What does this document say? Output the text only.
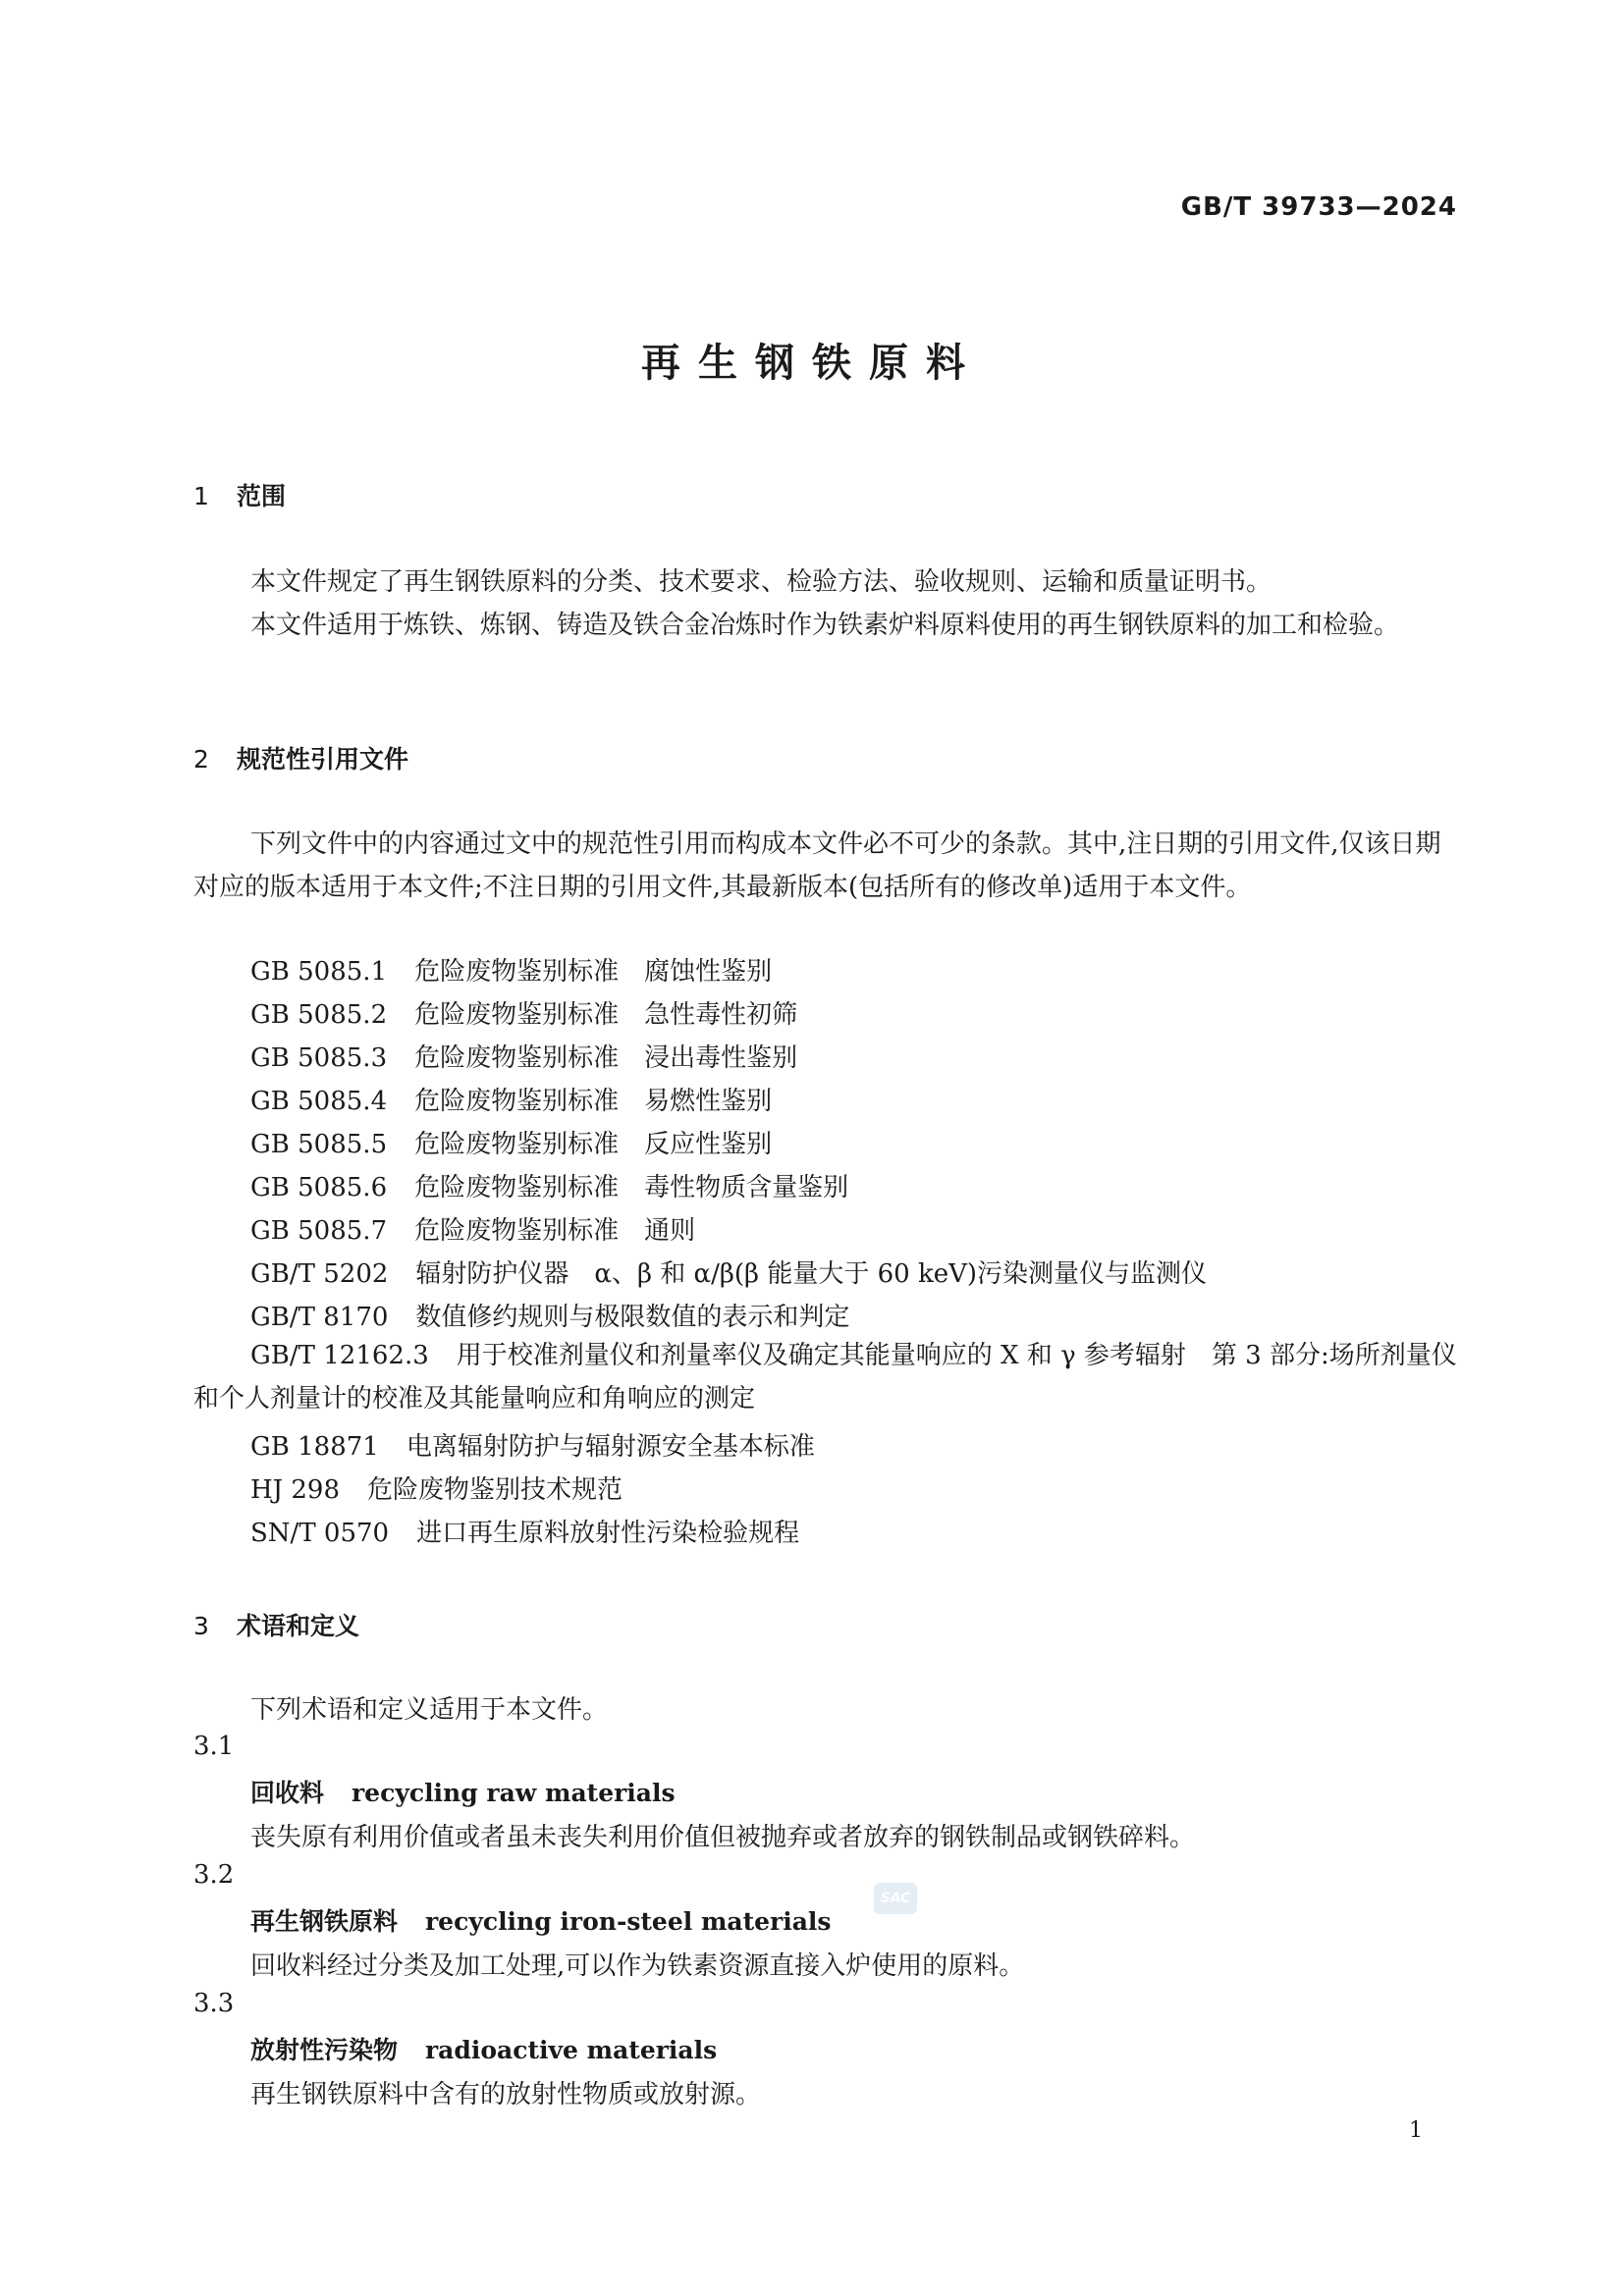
GB/T 39733—2024
再生钢铁原料
1 范围
本文件规定了再生钢铁原料的分类、技术要求、检验方法、验收规则、运输和质量证明书。
本文件适用于炼铁、炼钢、铸造及铁合金冶炼时作为铁素炉料原料使用的再生钢铁原料的加工和检验。
2 规范性引用文件
下列文件中的内容通过文中的规范性引用而构成本文件必不可少的条款。其中,注日期的引用文件,仅该日期对应的版本适用于本文件;不注日期的引用文件,其最新版本(包括所有的修改单)适用于本文件。
GB 5085.1 危险废物鉴别标准　腐蚀性鉴别
GB 5085.2 危险废物鉴别标准　急性毒性初筛
GB 5085.3 危险废物鉴别标准　浸出毒性鉴别
GB 5085.4 危险废物鉴别标准　易燃性鉴别
GB 5085.5 危险废物鉴别标准　反应性鉴别
GB 5085.6 危险废物鉴别标准　毒性物质含量鉴别
GB 5085.7 危险废物鉴别标准　通则
GB/T 5202 辐射防护仪器　α、β 和 α/β(β 能量大于 60 keV)污染测量仪与监测仪
GB/T 8170 数值修约规则与极限数值的表示和判定
GB/T 12162.3 用于校准剂量仪和剂量率仪及确定其能量响应的 X 和 γ 参考辐射　第 3 部分:场所剂量仪和个人剂量计的校准及其能量响应和角响应的测定
GB 18871 电离辐射防护与辐射源安全基本标准
HJ 298 危险废物鉴别技术规范
SN/T 0570 进口再生原料放射性污染检验规程
3 术语和定义
下列术语和定义适用于本文件。
3.1
回收料 recycling raw materials
丧失原有利用价值或者虽未丧失利用价值但被抛弃或者放弃的钢铁制品或钢铁碎料。
3.2
再生钢铁原料 recycling iron-steel materials
回收料经过分类及加工处理,可以作为铁素资源直接入炉使用的原料。
3.3
放射性污染物 radioactive materials
再生钢铁原料中含有的放射性物质或放射源。
SAC
1
